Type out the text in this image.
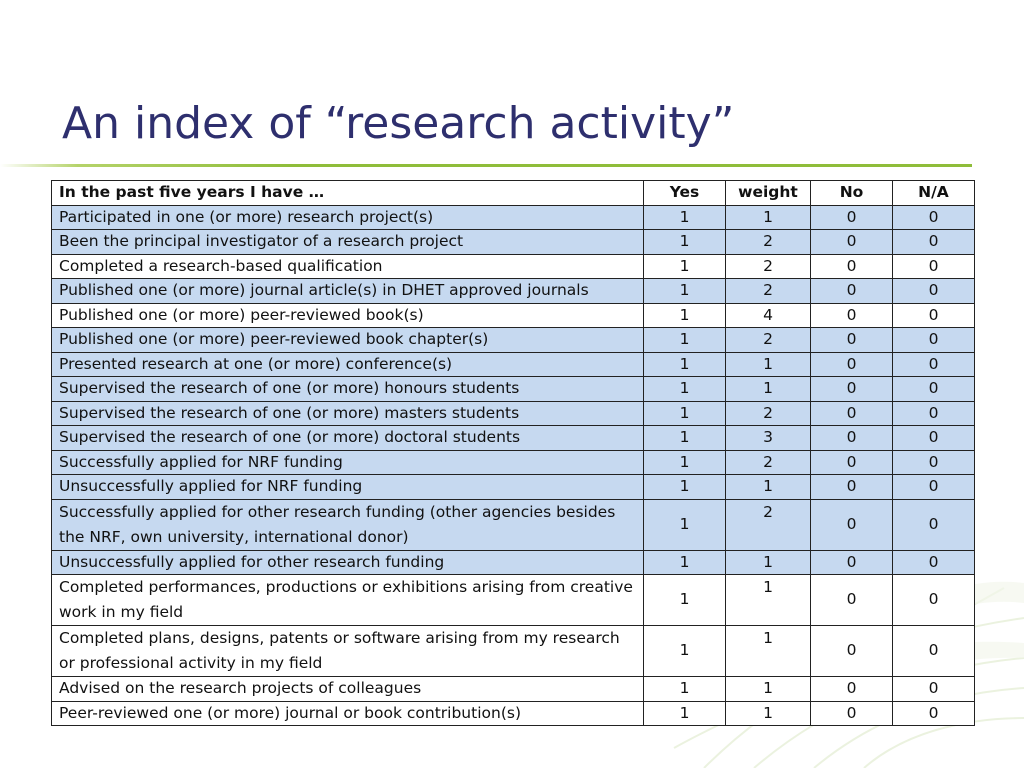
An index of “research activity”
In the past five years I have …	Yes	weight	No	N/A
Participated in one (or more) research project(s)	1	1	0	0
Been the principal investigator of a research project	1	2	0	0
Completed a research-based qualification	1	2	0	0
Published one (or more) journal article(s) in DHET approved journals	1	2	0	0
Published one (or more) peer-reviewed book(s)	1	4	0	0
Published one (or more) peer-reviewed book chapter(s)	1	2	0	0
Presented research at one (or more) conference(s)	1	1	0	0
Supervised the research of one (or more) honours students	1	1	0	0
Supervised the research of one (or more) masters students	1	2	0	0
Supervised the research of one (or more) doctoral students	1	3	0	0
Successfully applied for NRF funding	1	2	0	0
Unsuccessfully applied for NRF funding	1	1	0	0
Successfully applied for other research funding (other agencies besides the NRF, own university, international donor)	1	2	0	0
Unsuccessfully applied for other research funding	1	1	0	0
Completed performances, productions or exhibitions arising from creative work in my field	1	1	0	0
Completed plans, designs, patents or software arising from my research or professional activity in my field	1	1	0	0
Advised on the research projects of colleagues	1	1	0	0
Peer-reviewed one (or more) journal or book contribution(s)	1	1	0	0
